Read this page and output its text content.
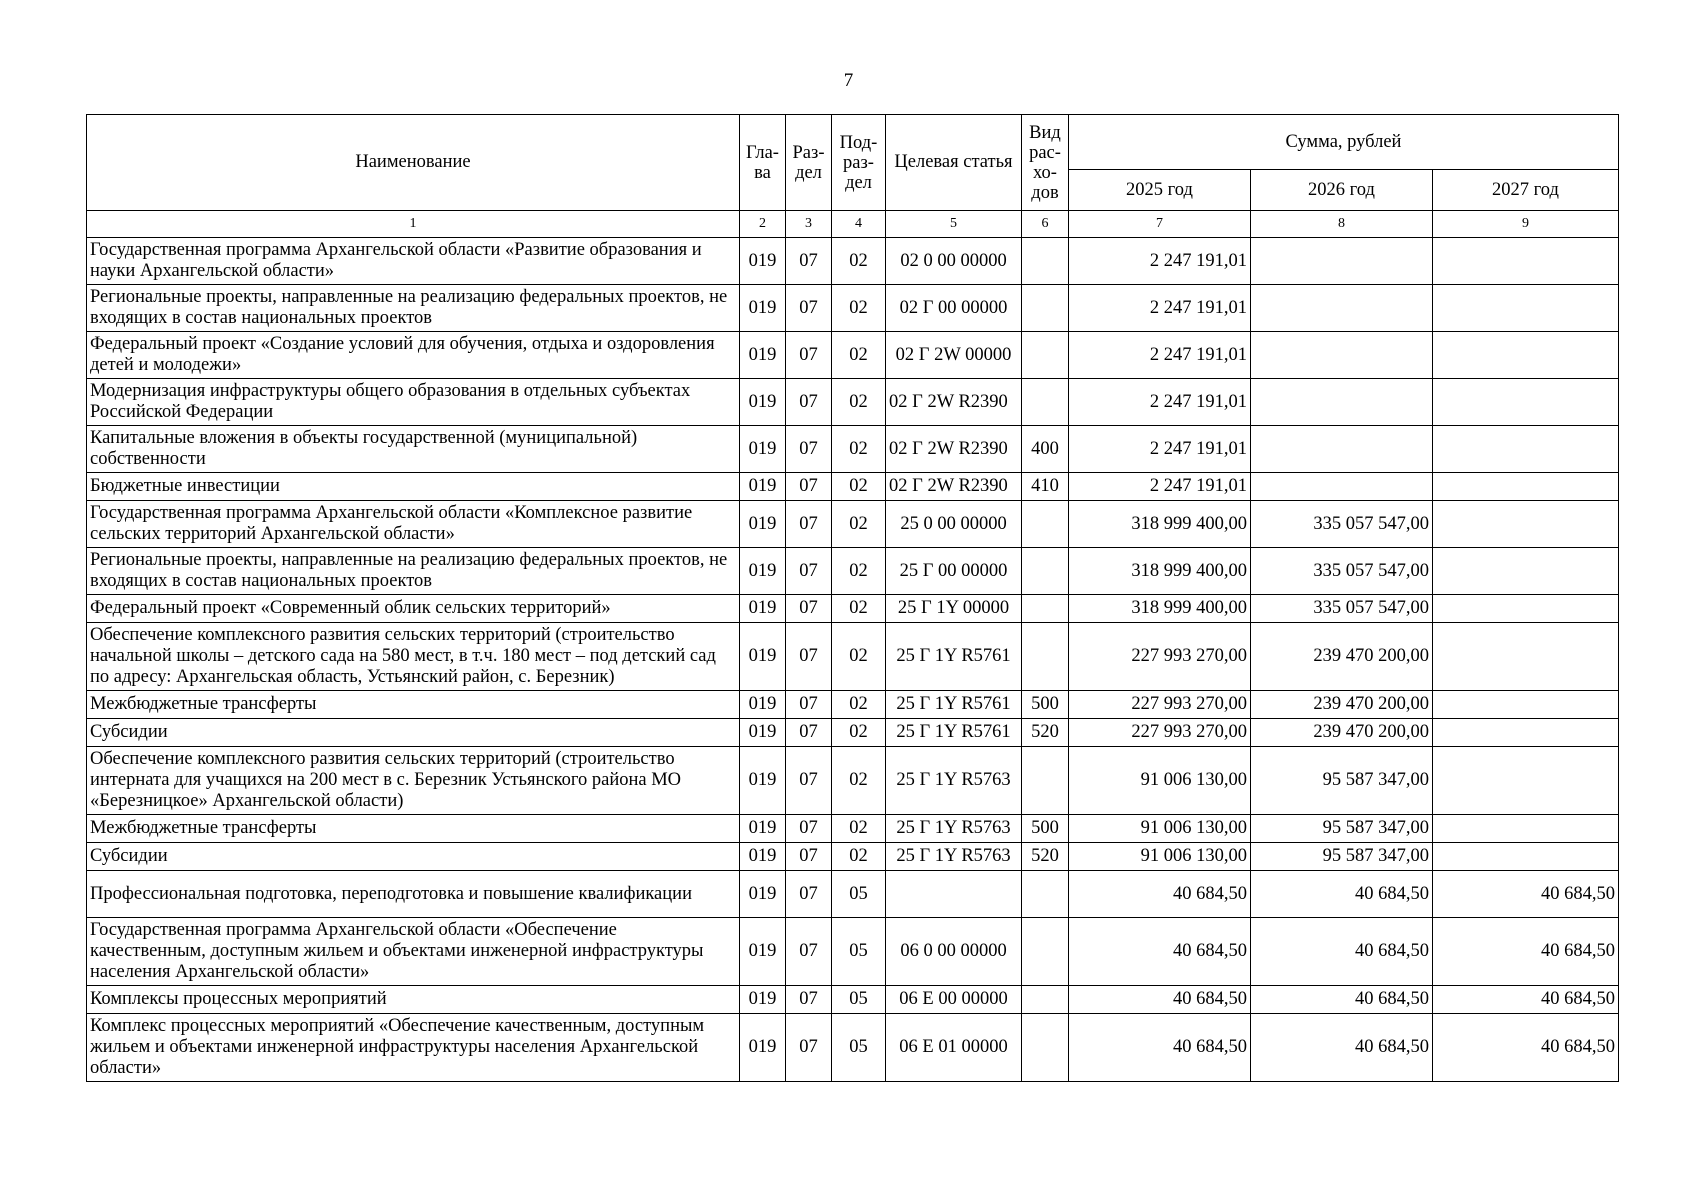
7
Наименование	Гла-ва	Раз-дел	Под-раз-дел	Целевая статья	Вид рас-хо-дов	Сумма, рублей		
						2025 год	2026 год	2027 год
1	2	3	4	5	6	7	8	9
Государственная программа Архангельской области «Развитие образования и науки Архангельской области»	019	07	02	02 0 00 00000		2 247 191,01		
Региональные проекты, направленные на реализацию федеральных проектов, не входящих в состав национальных проектов	019	07	02	02 Г 00 00000		2 247 191,01		
Федеральный проект «Создание условий для обучения, отдыха и оздоровления детей и молодежи»	019	07	02	02 Г 2W 00000		2 247 191,01		
Модернизация инфраструктуры общего образования в отдельных субъектах Российской Федерации	019	07	02	02 Г 2W R2390		2 247 191,01		
Капитальные вложения в объекты государственной (муниципальной) собственности	019	07	02	02 Г 2W R2390	400	2 247 191,01		
Бюджетные инвестиции	019	07	02	02 Г 2W R2390	410	2 247 191,01		
Государственная программа Архангельской области «Комплексное развитие сельских территорий Архангельской области»	019	07	02	25 0 00 00000		318 999 400,00	335 057 547,00	
Региональные проекты, направленные на реализацию федеральных проектов, не входящих в состав национальных проектов	019	07	02	25 Г 00 00000		318 999 400,00	335 057 547,00	
Федеральный проект «Современный облик сельских территорий»	019	07	02	25 Г 1Y 00000		318 999 400,00	335 057 547,00	
Обеспечение комплексного развития сельских территорий (строительство начальной школы – детского сада на 580 мест, в т.ч. 180 мест – под детский сад по адресу: Архангельская область, Устьянский район, с. Березник)	019	07	02	25 Г 1Y R5761		227 993 270,00	239 470 200,00	
Межбюджетные трансферты	019	07	02	25 Г 1Y R5761	500	227 993 270,00	239 470 200,00	
Субсидии	019	07	02	25 Г 1Y R5761	520	227 993 270,00	239 470 200,00	
Обеспечение комплексного развития сельских территорий (строительство интерната для учащихся на 200 мест в с. Березник Устьянского района МО «Березницкое» Архангельской области)	019	07	02	25 Г 1Y R5763		91 006 130,00	95 587 347,00	
Межбюджетные трансферты	019	07	02	25 Г 1Y R5763	500	91 006 130,00	95 587 347,00	
Субсидии	019	07	02	25 Г 1Y R5763	520	91 006 130,00	95 587 347,00	
Профессиональная подготовка, переподготовка и повышение квалификации	019	07	05			40 684,50	40 684,50	40 684,50
Государственная программа Архангельской области «Обеспечение качественным, доступным жильем и объектами инженерной инфраструктуры населения Архангельской области»	019	07	05	06 0 00 00000		40 684,50	40 684,50	40 684,50
Комплексы процессных мероприятий	019	07	05	06 Е 00 00000		40 684,50	40 684,50	40 684,50
Комплекс процессных мероприятий «Обеспечение качественным, доступным жильем и объектами инженерной инфраструктуры населения Архангельской области»	019	07	05	06 Е 01 00000		40 684,50	40 684,50	40 684,50
